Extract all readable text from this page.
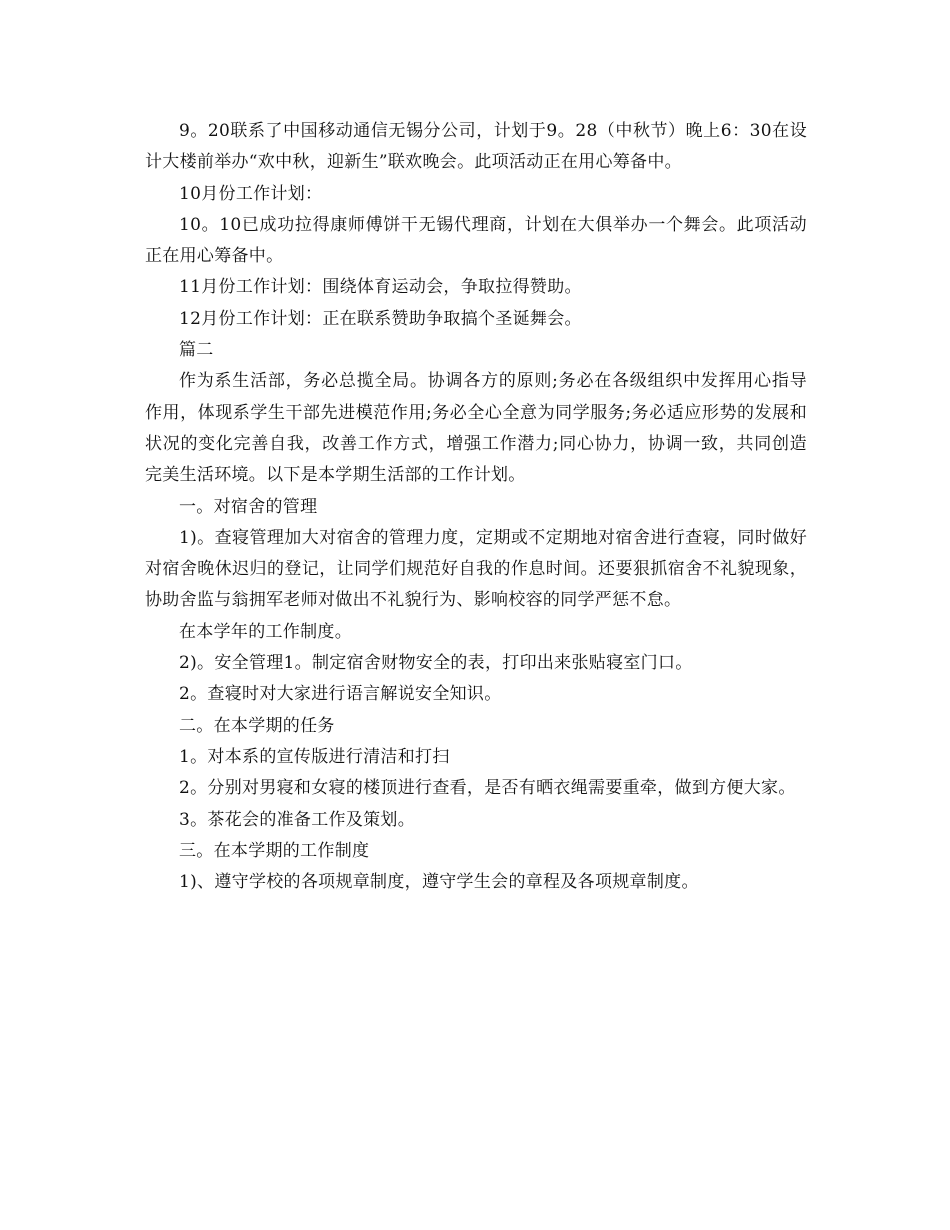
9。20联系了中国移动通信无锡分公司，计划于9。28（中秋节）晚上6：30在设计大楼前举办“欢中秋，迎新生”联欢晚会。此项活动正在用心筹备中。

10月份工作计划：

10。10已成功拉得康师傅饼干无锡代理商，计划在大俱举办一个舞会。此项活动正在用心筹备中。

11月份工作计划：围绕体育运动会，争取拉得赞助。

12月份工作计划：正在联系赞助争取搞个圣诞舞会。

篇二

作为系生活部，务必总揽全局。协调各方的原则;务必在各级组织中发挥用心指导作用，体现系学生干部先进模范作用;务必全心全意为同学服务;务必适应形势的发展和状况的变化完善自我，改善工作方式，增强工作潜力;同心协力，协调一致，共同创造完美生活环境。以下是本学期生活部的工作计划。

一。对宿舍的管理

1)。查寝管理加大对宿舍的管理力度，定期或不定期地对宿舍进行查寝，同时做好对宿舍晚休迟归的登记，让同学们规范好自我的作息时间。还要狠抓宿舍不礼貌现象，协助舍监与翁拥军老师对做出不礼貌行为、影响校容的同学严惩不怠。

在本学年的工作制度。

2)。安全管理1。制定宿舍财物安全的表，打印出来张贴寝室门口。

2。查寝时对大家进行语言解说安全知识。

二。在本学期的任务

1。对本系的宣传版进行清洁和打扫

2。分别对男寝和女寝的楼顶进行查看，是否有晒衣绳需要重牵，做到方便大家。

3。茶花会的准备工作及策划。

三。在本学期的工作制度

1)、遵守学校的各项规章制度，遵守学生会的章程及各项规章制度。
